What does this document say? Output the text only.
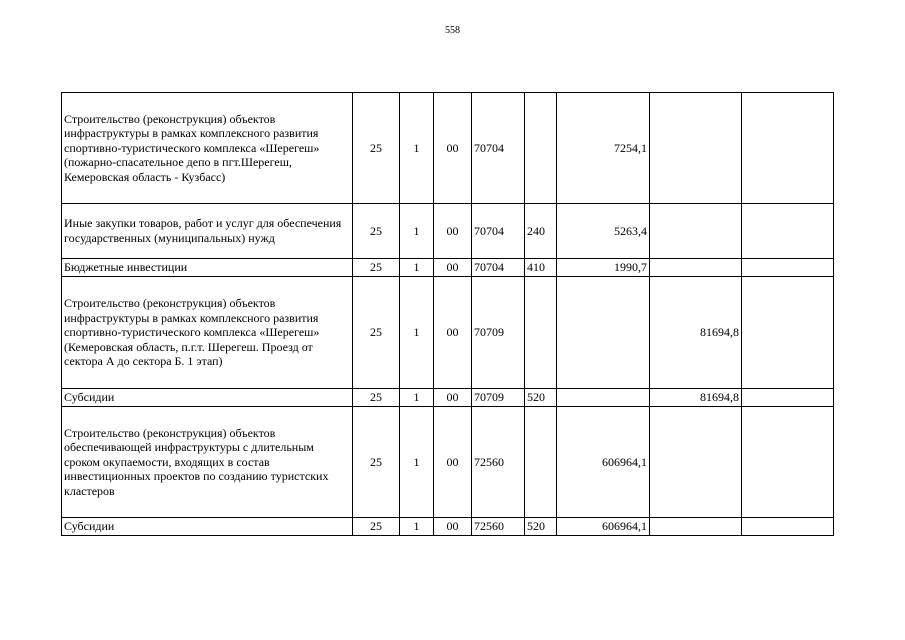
558
Строительство (реконструкция) объектов инфраструктуры в рамках комплексного развития спортивно-туристического комплекса «Шерегеш» (пожарно-спасательное депо в пгт.Шерегеш, Кемеровская область - Кузбасс)	25	1	00	70704		7254,1		
Иные закупки товаров, работ и услуг для обеспечения государственных (муниципальных) нужд	25	1	00	70704	240	5263,4		
Бюджетные инвестиции	25	1	00	70704	410	1990,7		
Строительство (реконструкция) объектов инфраструктуры в рамках комплексного развития спортивно-туристического комплекса «Шерегеш» (Кемеровская область, п.г.т. Шерегеш. Проезд от сектора А до сектора Б. 1 этап)	25	1	00	70709			81694,8	
Субсидии	25	1	00	70709	520		81694,8	
Строительство (реконструкция) объектов обеспечивающей инфраструктуры с длительным сроком окупаемости, входящих в состав инвестиционных проектов по созданию туристских кластеров	25	1	00	72560		606964,1		
Субсидии	25	1	00	72560	520	606964,1		
